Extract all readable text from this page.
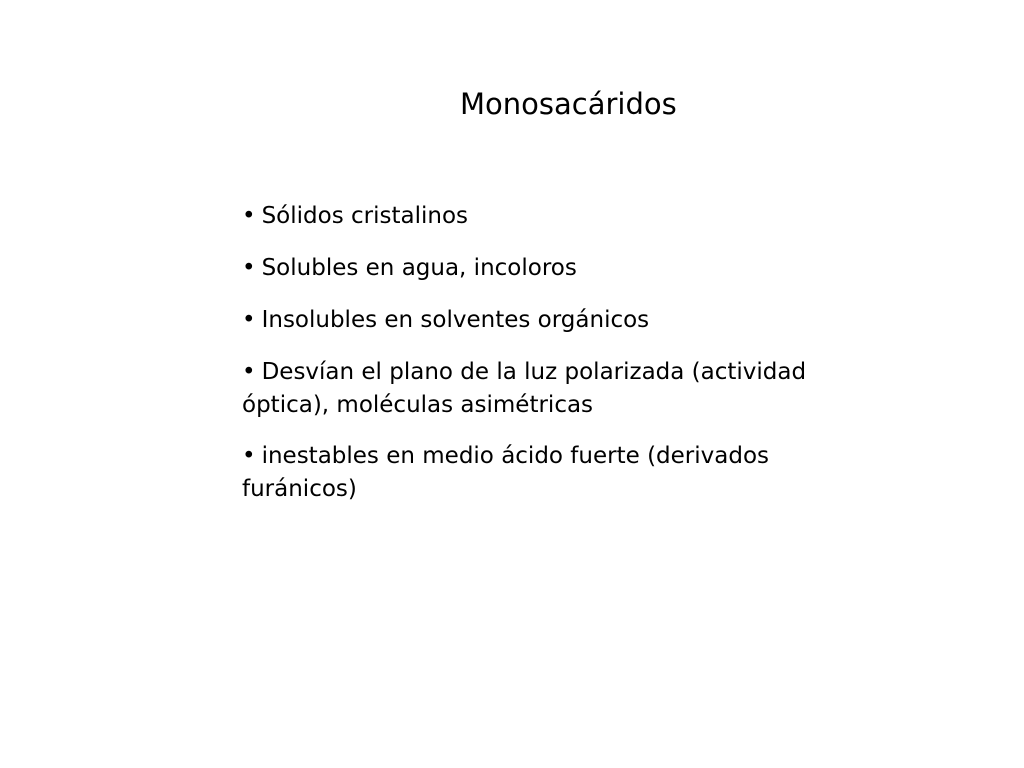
Monosacáridos
• Sólidos cristalinos
• Solubles en agua, incoloros
• Insolubles en solventes orgánicos
• Desvían el plano de la luz polarizada (actividad óptica), moléculas asimétricas
• inestables en medio ácido fuerte (derivados furánicos)
